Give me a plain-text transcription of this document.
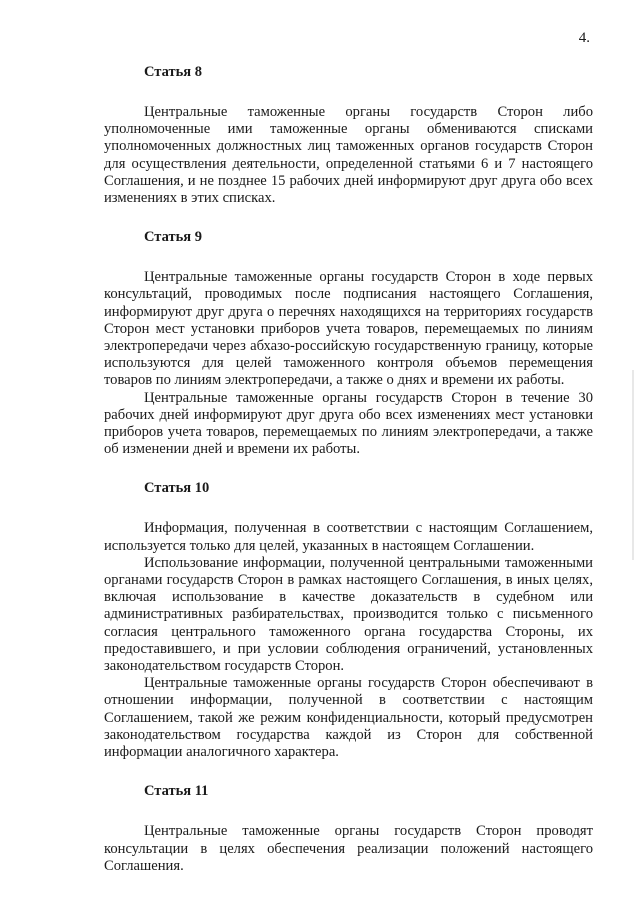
4.
Статья 8

Центральные таможенные органы государств Сторон либо уполномоченные ими таможенные органы обмениваются списками уполномоченных должностных лиц таможенных органов государств Сторон для осуществления деятельности, определенной статьями 6 и 7 настоящего Соглашения, и не позднее 15 рабочих дней информируют друг друга обо всех изменениях в этих списках.

Статья 9

Центральные таможенные органы государств Сторон в ходе первых консультаций, проводимых после подписания настоящего Соглашения, информируют друг друга о перечнях находящихся на территориях государств Сторон мест установки приборов учета товаров, перемещаемых по линиям электропередачи через абхазо-российскую государственную границу, которые используются для целей таможенного контроля объемов перемещения товаров по линиям электропередачи, а также о днях и времени их работы.

Центральные таможенные органы государств Сторон в течение 30 рабочих дней информируют друг друга обо всех изменениях мест установки приборов учета товаров, перемещаемых по линиям электропередачи, а также об изменении дней и времени их работы.

Статья 10

Информация, полученная в соответствии с настоящим Соглашением, используется только для целей, указанных в настоящем Соглашении.

Использование информации, полученной центральными таможенными органами государств Сторон в рамках настоящего Соглашения, в иных целях, включая использование в качестве доказательств в судебном или административных разбирательствах, производится только с письменного согласия центрального таможенного органа государства Стороны, их предоставившего, и при условии соблюдения ограничений, установленных законодательством государств Сторон.

Центральные таможенные органы государств Сторон обеспечивают в отношении информации, полученной в соответствии с настоящим Соглашением, такой же режим конфиденциальности, который предусмотрен законодательством государства каждой из Сторон для собственной информации аналогичного характера.

Статья 11

Центральные таможенные органы государств Сторон проводят консультации в целях обеспечения реализации положений настоящего Соглашения.
